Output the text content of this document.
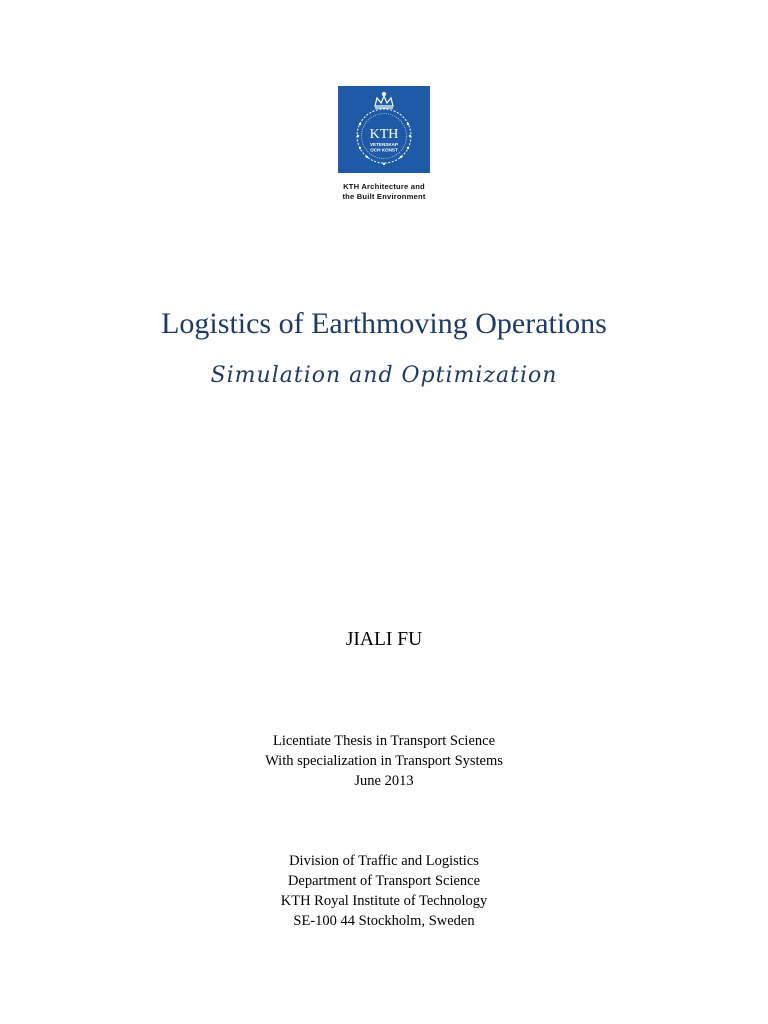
KTH
VETENSKAP
OCH KONST
KTH Architecture and
the Built Environment
Logistics of Earthmoving Operations
Simulation and Optimization
JIALI FU
Licentiate Thesis in Transport Science
With specialization in Transport Systems
June 2013
Division of Traffic and Logistics
Department of Transport Science
KTH Royal Institute of Technology
SE-100 44 Stockholm, Sweden
